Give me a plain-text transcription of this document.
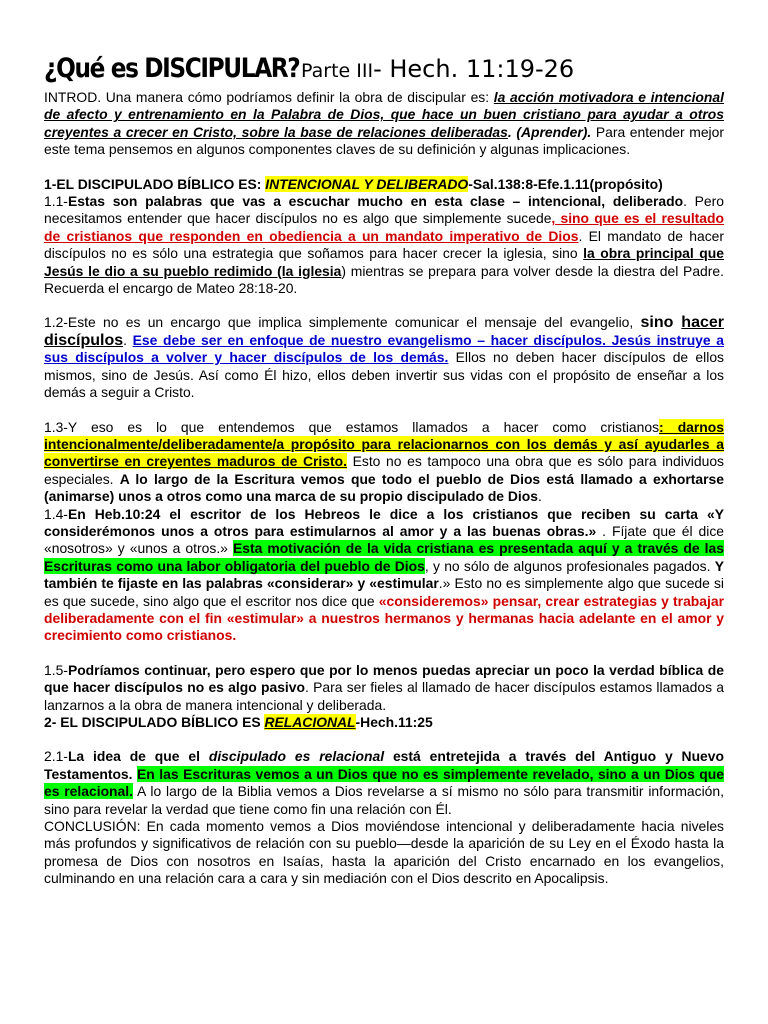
¿Qué es DISCIPULAR? Parte III- Hech. 11:19-26

INTROD. Una manera cómo podríamos definir la obra de discipular es: la acción motivadora e intencional de afecto y entrenamiento en la Palabra de Dios, que hace un buen cristiano para ayudar a otros creyentes a crecer en Cristo, sobre la base de relaciones deliberadas. (Aprender). Para entender mejor este tema pensemos en algunos componentes claves de su definición y algunas implicaciones.

1-EL DISCIPULADO BÍBLICO ES: INTENCIONAL Y DELIBERADO-Sal.138:8-Efe.1.11(propósito)

1.1-Estas son palabras que vas a escuchar mucho en esta clase – intencional, deliberado. Pero necesitamos entender que hacer discípulos no es algo que simplemente sucede, sino que es el resultado de cristianos que responden en obediencia a un mandato imperativo de Dios. El mandato de hacer discípulos no es sólo una estrategia que soñamos para hacer crecer la iglesia, sino la obra principal que Jesús le dio a su pueblo redimido (la iglesia) mientras se prepara para volver desde la diestra del Padre. Recuerda el encargo de Mateo 28:18-20.

1.2-Este no es un encargo que implica simplemente comunicar el mensaje del evangelio, sino hacer discípulos. Ese debe ser en enfoque de nuestro evangelismo – hacer discípulos. Jesús instruye a sus discípulos a volver y hacer discípulos de los demás. Ellos no deben hacer discípulos de ellos mismos, sino de Jesús. Así como Él hizo, ellos deben invertir sus vidas con el propósito de enseñar a los demás a seguir a Cristo.

1.3-Y eso es lo que entendemos que estamos llamados a hacer como cristianos: darnos intencionalmente/deliberadamente/a propósito para relacionarnos con los demás y así ayudarles a convertirse en creyentes maduros de Cristo. Esto no es tampoco una obra que es sólo para individuos especiales. A lo largo de la Escritura vemos que todo el pueblo de Dios está llamado a exhortarse (animarse) unos a otros como una marca de su propio discipulado de Dios.

1.4-En Heb.10:24 el escritor de los Hebreos le dice a los cristianos que reciben su carta «Y considerémonos unos a otros para estimularnos al amor y a las buenas obras.» . Fíjate que él dice «nosotros» y «unos a otros.» Esta motivación de la vida cristiana es presentada aquí y a través de las Escrituras como una labor obligatoria del pueblo de Dios, y no sólo de algunos profesionales pagados. Y también te fijaste en las palabras «considerar» y «estimular.» Esto no es simplemente algo que sucede si es que sucede, sino algo que el escritor nos dice que «consideremos» pensar, crear estrategias y trabajar deliberadamente con el fin «estimular» a nuestros hermanos y hermanas hacia adelante en el amor y crecimiento como cristianos.

1.5-Podríamos continuar, pero espero que por lo menos puedas apreciar un poco la verdad bíblica de que hacer discípulos no es algo pasivo. Para ser fieles al llamado de hacer discípulos estamos llamados a lanzarnos a la obra de manera intencional y deliberada.

2- EL DISCIPULADO BÍBLICO ES RELACIONAL-Hech.11:25

2.1-La idea de que el discipulado es relacional está entretejida a través del Antiguo y Nuevo Testamentos. En las Escrituras vemos a un Dios que no es simplemente revelado, sino a un Dios que es relacional. A lo largo de la Biblia vemos a Dios revelarse a sí mismo no sólo para transmitir información, sino para revelar la verdad que tiene como fin una relación con Él.

CONCLUSIÓN: En cada momento vemos a Dios moviéndose intencional y deliberadamente hacia niveles más profundos y significativos de relación con su pueblo—desde la aparición de su Ley en el Éxodo hasta la promesa de Dios con nosotros en Isaías, hasta la aparición del Cristo encarnado en los evangelios, culminando en una relación cara a cara y sin mediación con el Dios descrito en Apocalipsis.
